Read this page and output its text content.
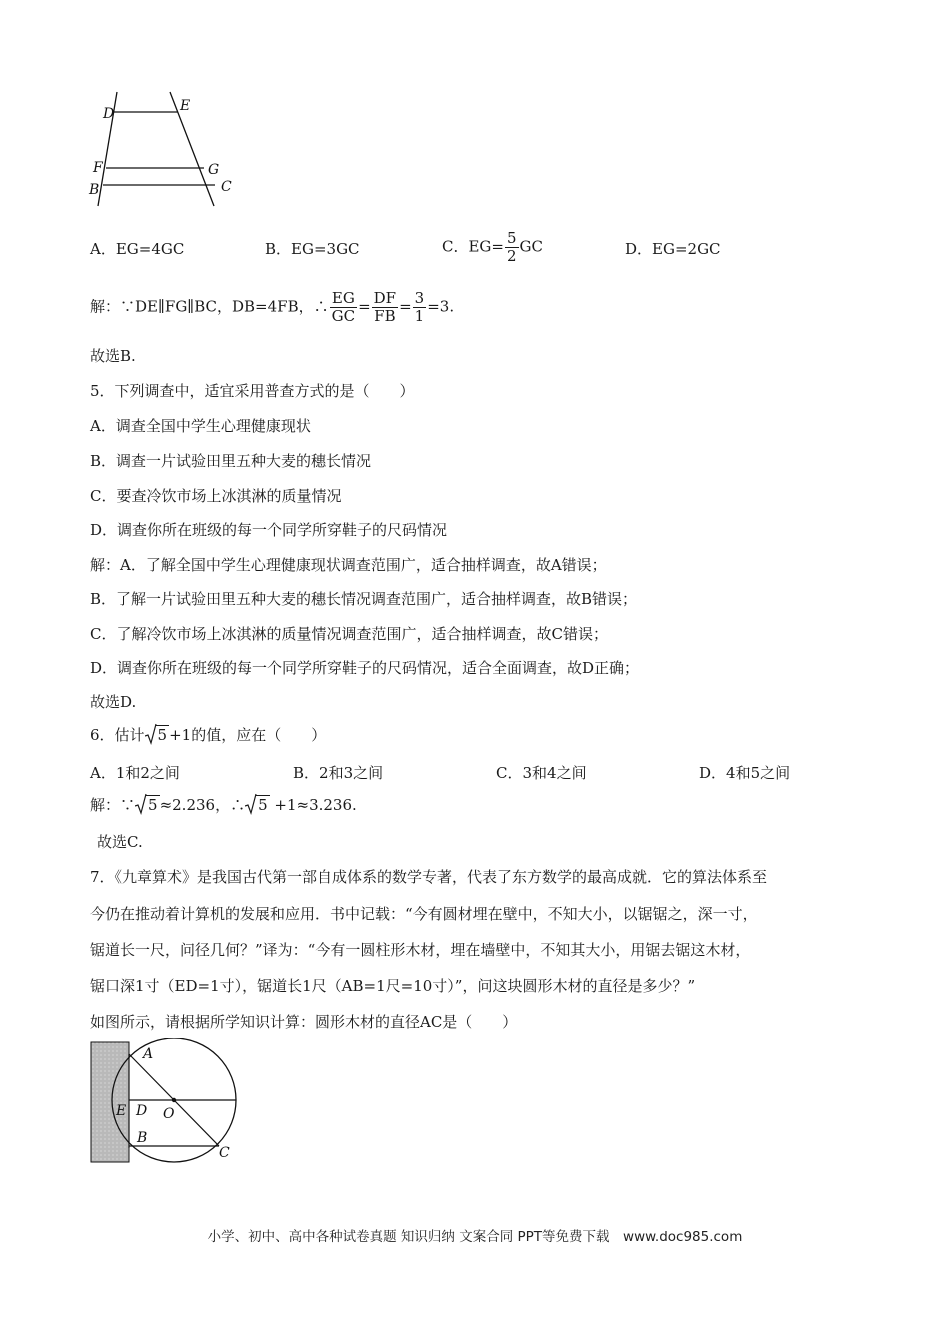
D	E
F	G
B	C
A．EG=4GC	B．EG=3GC	C．$EG= \frac{5}{2}$ GC	D．EG=2GC
解：∵DE∥FG∥BC，DB=4FB，∴ $\frac{EG}{GC} = \frac{DF}{FB} = \frac{3}{1} =3$.
故选B.
5．下列调查中，适宜采用普查方式的是（　　）
A．调查全国中学生心理健康现状
B．调查一片试验田里五种大麦的穗长情况
C．要查冷饮市场上冰淇淋的质量情况
D．调查你所在班级的每一个同学所穿鞋子的尺码情况
解：A．了解全国中学生心理健康现状调查范围广，适合抽样调查，故A错误；
B．了解一片试验田里五种大麦的穗长情况调查范围广，适合抽样调查，故B错误；
C．了解冷饮市场上冰淇淋的质量情况调查范围广，适合抽样调查，故C错误；
D．调查你所在班级的每一个同学所穿鞋子的尺码情况，适合全面调查，故D正确；
故选D.
6．估计 5 +1的值，应在（　　）
A．1和2之间	B．2和3之间	C．3和4之间	D．4和5之间
解：∵ 5 ≈2.236，∴ 5 +1≈3.236.
故选C.
7．《九章算术》是我国古代第一部自成体系的数学专著，代表了东方数学的最高成就．它的算法体系至
今仍在推动着计算机的发展和应用．书中记载：“今有圆材埋在壁中，不知大小，以锯锯之，深一寸，
锯道长一尺，问径几何？”译为：“今有一圆柱形木材，埋在墙壁中，不知其大小，用锯去锯这木材，
锯口深1寸（ED=1寸），锯道长1尺（AB=1尺=10寸）”，问这块圆形木材的直径是多少？”
如图所示，请根据所学知识计算：圆形木材的直径AC是（　　）
A
E D O
B
C
小学、初中、高中各种试卷真题 知识归纳 文案合同 PPT等免费下载　www.doc985.com
